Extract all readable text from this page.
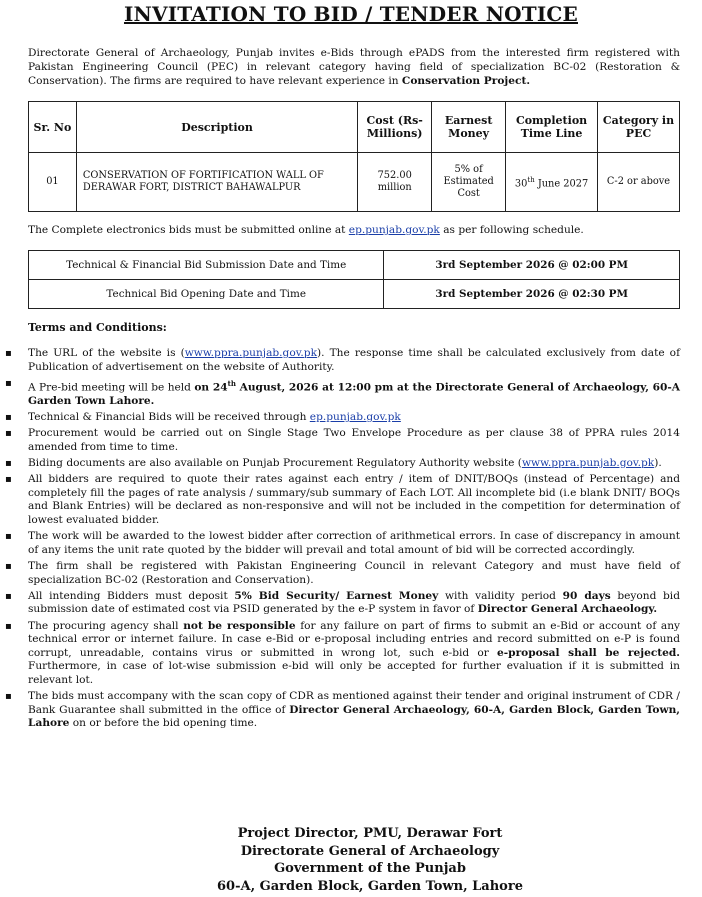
INVITATION TO BID / TENDER NOTICE
Directorate General of Archaeology, Punjab invites e-Bids through ePADS from the interested firm registered with Pakistan Engineering Council (PEC) in relevant category having field of specialization BC-02 (Restoration & Conservation). The firms are required to have relevant experience in Conservation Project.
Sr. No	Description	Cost (Rs-Millions)	Earnest Money	Completion Time Line	Category in PEC
01	CONSERVATION OF FORTIFICATION WALL OF DERAWAR FORT, DISTRICT BAHAWALPUR	752.00 million	5% of Estimated Cost	30th June 2027	C-2 or above
The Complete electronics bids must be submitted online at ep.punjab.gov.pk as per following schedule.
Technical & Financial Bid Submission Date and Time	3rd September 2026 @ 02:00 PM
Technical Bid Opening Date and Time	3rd September 2026 @ 02:30 PM
Terms and Conditions:
▪ The URL of the website is (www.ppra.punjab.gov.pk). The response time shall be calculated exclusively from date of Publication of advertisement on the website of Authority.
▪ A Pre-bid meeting will be held on 24th August, 2026 at 12:00 pm at the Directorate General of Archaeology, 60-A Garden Town Lahore.
▪ Technical & Financial Bids will be received through ep.punjab.gov.pk
▪ Procurement would be carried out on Single Stage Two Envelope Procedure as per clause 38 of PPRA rules 2014 amended from time to time.
▪ Biding documents are also available on Punjab Procurement Regulatory Authority website (www.ppra.punjab.gov.pk).
▪ All bidders are required to quote their rates against each entry / item of DNIT/BOQs (instead of Percentage) and completely fill the pages of rate analysis / summary/sub summary of Each LOT. All incomplete bid (i.e blank DNIT/ BOQs and Blank Entries) will be declared as non-responsive and will not be included in the competition for determination of lowest evaluated bidder.
▪ The work will be awarded to the lowest bidder after correction of arithmetical errors. In case of discrepancy in amount of any items the unit rate quoted by the bidder will prevail and total amount of bid will be corrected accordingly.
▪ The firm shall be registered with Pakistan Engineering Council in relevant Category and must have field of specialization BC-02 (Restoration and Conservation).
▪ All intending Bidders must deposit 5% Bid Security/ Earnest Money with validity period 90 days beyond bid submission date of estimated cost via PSID generated by the e-P system in favor of Director General Archaeology.
▪ The procuring agency shall not be responsible for any failure on part of firms to submit an e-Bid or account of any technical error or internet failure. In case e-Bid or e-proposal including entries and record submitted on e-P is found corrupt, unreadable, contains virus or submitted in wrong lot, such e-bid or e-proposal shall be rejected. Furthermore, in case of lot-wise submission e-bid will only be accepted for further evaluation if it is submitted in relevant lot.
▪ The bids must accompany with the scan copy of CDR as mentioned against their tender and original instrument of CDR / Bank Guarantee shall submitted in the office of Director General Archaeology, 60-A, Garden Block, Garden Town, Lahore on or before the bid opening time.
Project Director, PMU, Derawar Fort
Directorate General of Archaeology
Government of the Punjab
60-A, Garden Block, Garden Town, Lahore
